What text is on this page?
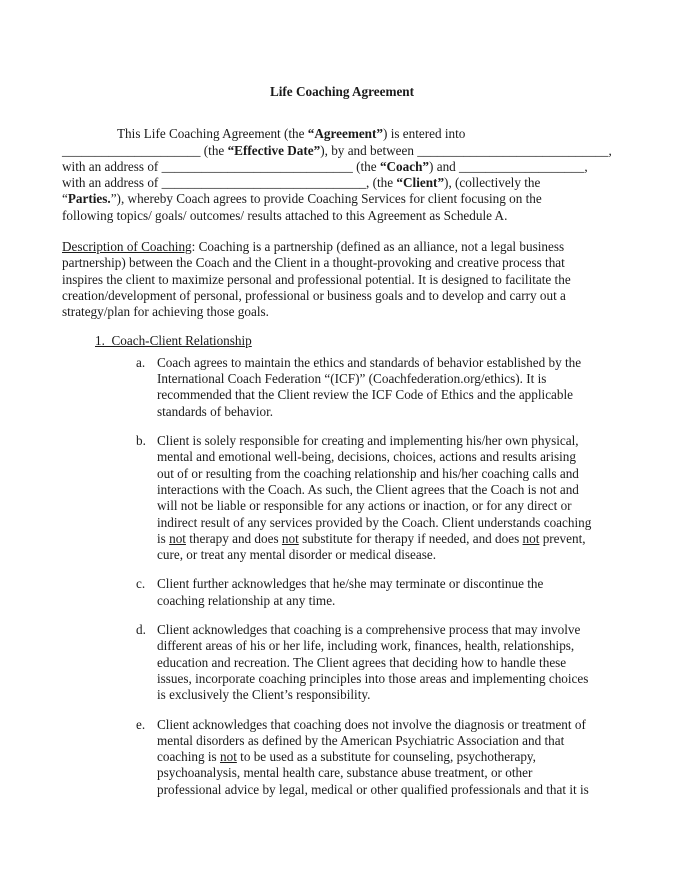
Life Coaching Agreement
This Life Coaching Agreement (the “Agreement”) is entered into
_____________________ (the “Effective Date”), by and between _____________________________,
with an address of _____________________________ (the “Coach”) and ___________________,
with an address of _______________________________, (the “Client”), (collectively the
“Parties.”), whereby Coach agrees to provide Coaching Services for client focusing on the
following topics/ goals/ outcomes/ results attached to this Agreement as Schedule A.
Description of Coaching: Coaching is a partnership (defined as an alliance, not a legal business
partnership) between the Coach and the Client in a thought-provoking and creative process that
inspires the client to maximize personal and professional potential. It is designed to facilitate the
creation/development of personal, professional or business goals and to develop and carry out a
strategy/plan for achieving those goals.
1.  Coach-Client Relationship
a. Coach agrees to maintain the ethics and standards of behavior established by the
International Coach Federation “(ICF)” (Coachfederation.org/ethics). It is
recommended that the Client review the ICF Code of Ethics and the applicable
standards of behavior.
b. Client is solely responsible for creating and implementing his/her own physical,
mental and emotional well-being, decisions, choices, actions and results arising
out of or resulting from the coaching relationship and his/her coaching calls and
interactions with the Coach. As such, the Client agrees that the Coach is not and
will not be liable or responsible for any actions or inaction, or for any direct or
indirect result of any services provided by the Coach. Client understands coaching
is not therapy and does not substitute for therapy if needed, and does not prevent,
cure, or treat any mental disorder or medical disease.
c. Client further acknowledges that he/she may terminate or discontinue the
coaching relationship at any time.
d. Client acknowledges that coaching is a comprehensive process that may involve
different areas of his or her life, including work, finances, health, relationships,
education and recreation. The Client agrees that deciding how to handle these
issues, incorporate coaching principles into those areas and implementing choices
is exclusively the Client’s responsibility.
e. Client acknowledges that coaching does not involve the diagnosis or treatment of
mental disorders as defined by the American Psychiatric Association and that
coaching is not to be used as a substitute for counseling, psychotherapy,
psychoanalysis, mental health care, substance abuse treatment, or other
professional advice by legal, medical or other qualified professionals and that it is
